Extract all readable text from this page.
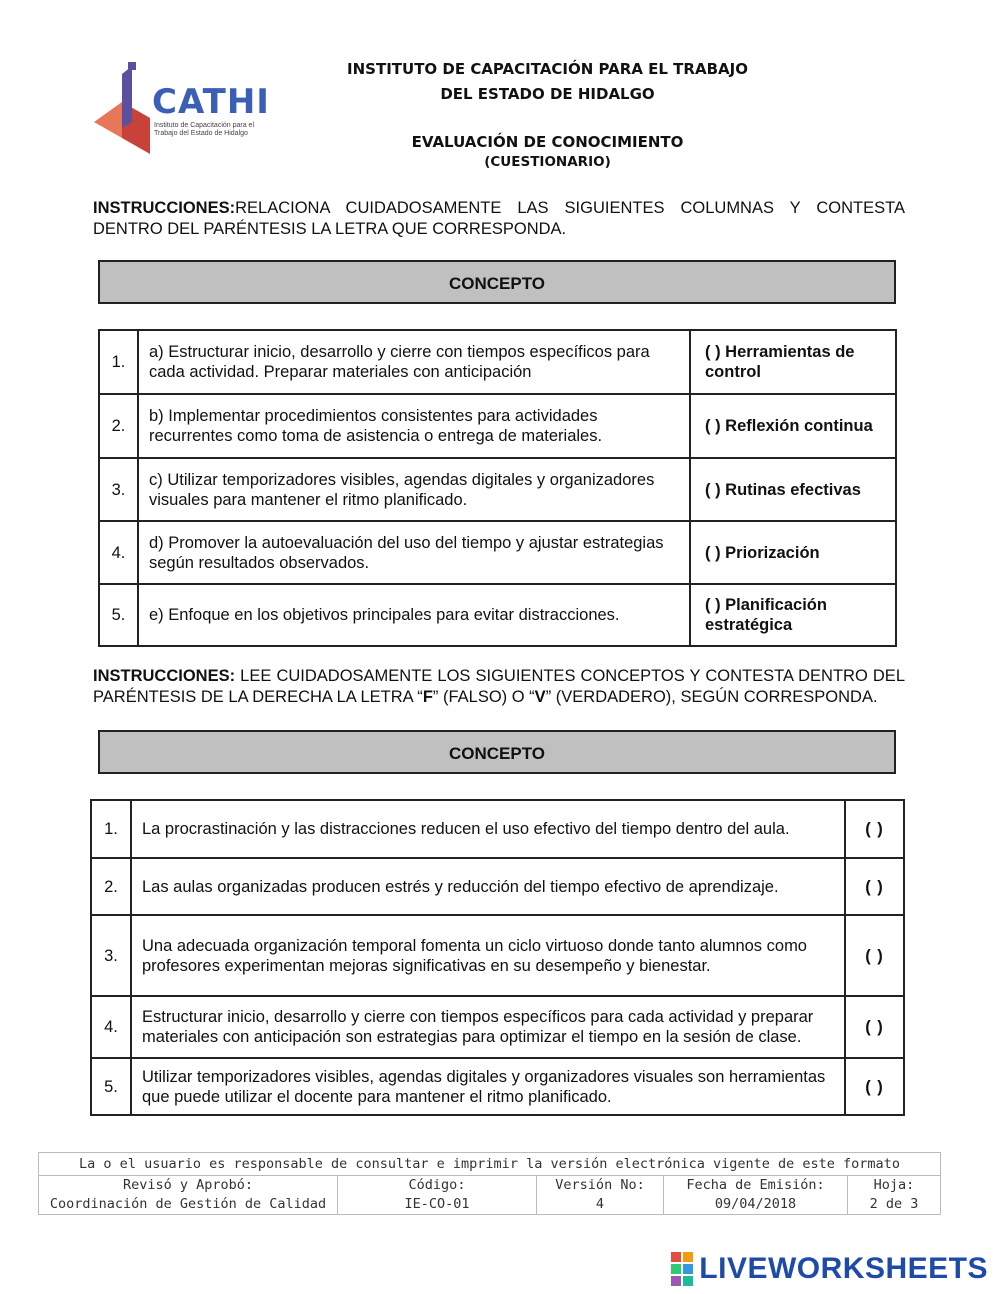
CATHI
Instituto de Capacitación para el
Trabajo del Estado de Hidalgo
INSTITUTO DE CAPACITACIÓN PARA EL TRABAJO
DEL ESTADO DE HIDALGO
EVALUACIÓN DE CONOCIMIENTO
(CUESTIONARIO)
INSTRUCCIONES:RELACIONA CUIDADOSAMENTE LAS SIGUIENTES COLUMNAS Y CONTESTA DENTRO DEL PARÉNTESIS LA LETRA QUE CORRESPONDA.
CONCEPTO
1.	a) Estructurar inicio, desarrollo y cierre con tiempos específicos para cada actividad. Preparar materiales con anticipación	( ) Herramientas de control
2.	b) Implementar procedimientos consistentes para actividades recurrentes como toma de asistencia o entrega de materiales.	( ) Reflexión continua
3.	c) Utilizar temporizadores visibles, agendas digitales y organizadores visuales para mantener el ritmo planificado.	( ) Rutinas efectivas
4.	d) Promover la autoevaluación del uso del tiempo y ajustar estrategias según resultados observados.	( ) Priorización
5.	e) Enfoque en los objetivos principales para evitar distracciones.	( ) Planificación estratégica
INSTRUCCIONES: LEE CUIDADOSAMENTE LOS SIGUIENTES CONCEPTOS Y CONTESTA DENTRO DEL PARÉNTESIS DE LA DERECHA LA LETRA “F” (FALSO) O “V” (VERDADERO), SEGÚN CORRESPONDA.
CONCEPTO
1.	La procrastinación y las distracciones reducen el uso efectivo del tiempo dentro del aula.	( )
2.	Las aulas organizadas producen estrés y reducción del tiempo efectivo de aprendizaje.	( )
3.	Una adecuada organización temporal fomenta un ciclo virtuoso donde tanto alumnos como profesores experimentan mejoras significativas en su desempeño y bienestar.	( )
4.	Estructurar inicio, desarrollo y cierre con tiempos específicos para cada actividad y preparar materiales con anticipación son estrategias para optimizar el tiempo en la sesión de clase.	( )
5.	Utilizar temporizadores visibles, agendas digitales y organizadores visuales son herramientas que puede utilizar el docente para mantener el ritmo planificado.	( )
La o el usuario es responsable de consultar e imprimir la versión electrónica vigente de este formato

Revisó y Aprobó:
Coordinación de Gestión de Calidad

Código:
IE-CO-01

Versión No:
4

Fecha de Emisión:
09/04/2018

Hoja:
2 de 3
LIVEWORKSHEETS
